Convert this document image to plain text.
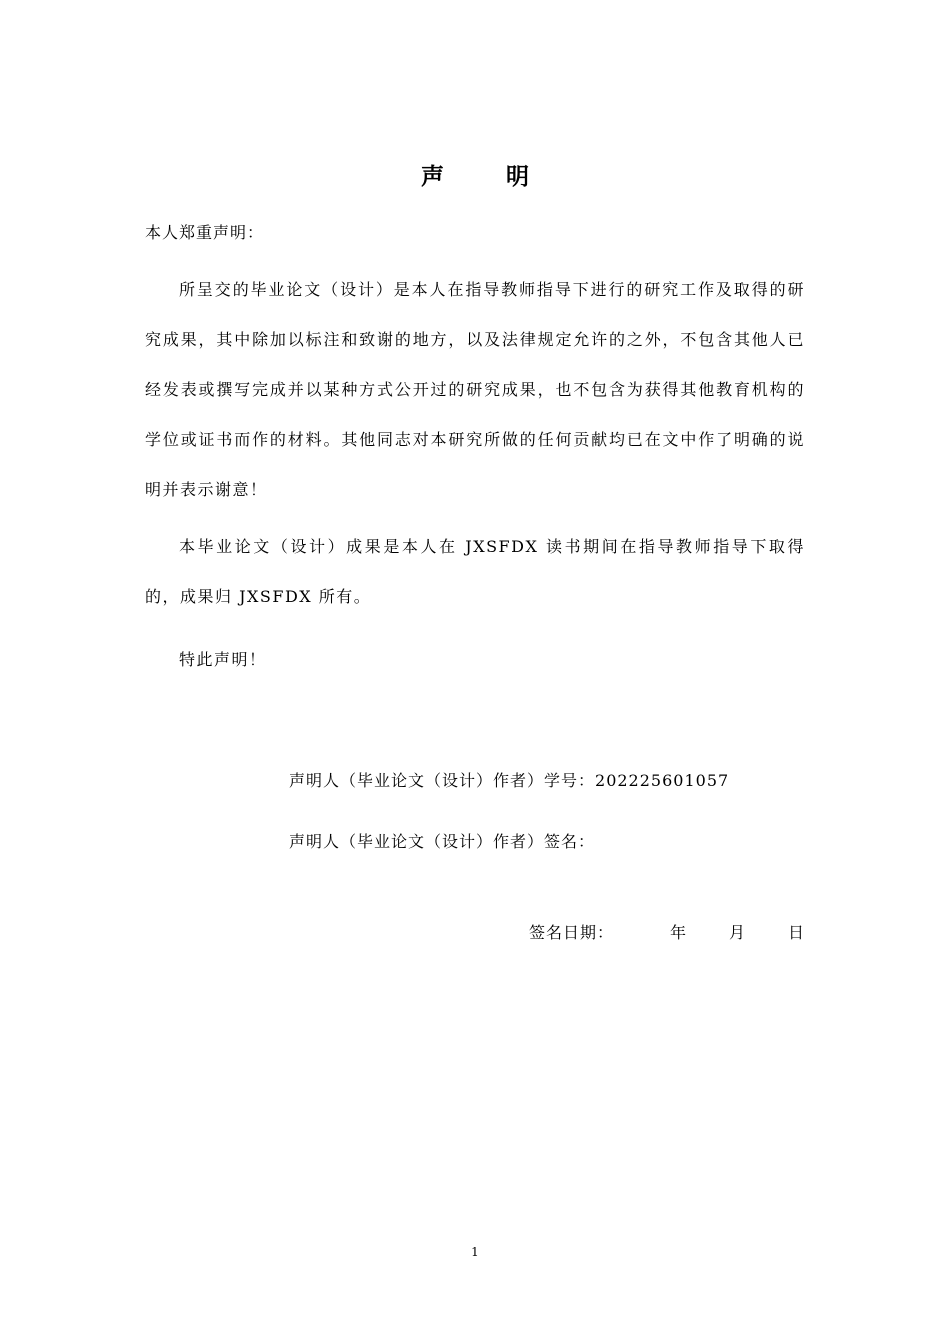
声明
本人郑重声明：

所呈交的毕业论文（设计）是本人在指导教师指导下进行的研究工作及取得的研究成果，其中除加以标注和致谢的地方，以及法律规定允许的之外，不包含其他人已经发表或撰写完成并以某种方式公开过的研究成果，也不包含为获得其他教育机构的学位或证书而作的材料。其他同志对本研究所做的任何贡献均已在文中作了明确的说明并表示谢意！

本毕业论文（设计）成果是本人在 JXSFDX 读书期间在指导教师指导下取得的，成果归 JXSFDX 所有。

特此声明！

声明人（毕业论文（设计）作者）学号：202225601057
声明人（毕业论文（设计）作者）签名：
签名日期：	年	月	日
1
